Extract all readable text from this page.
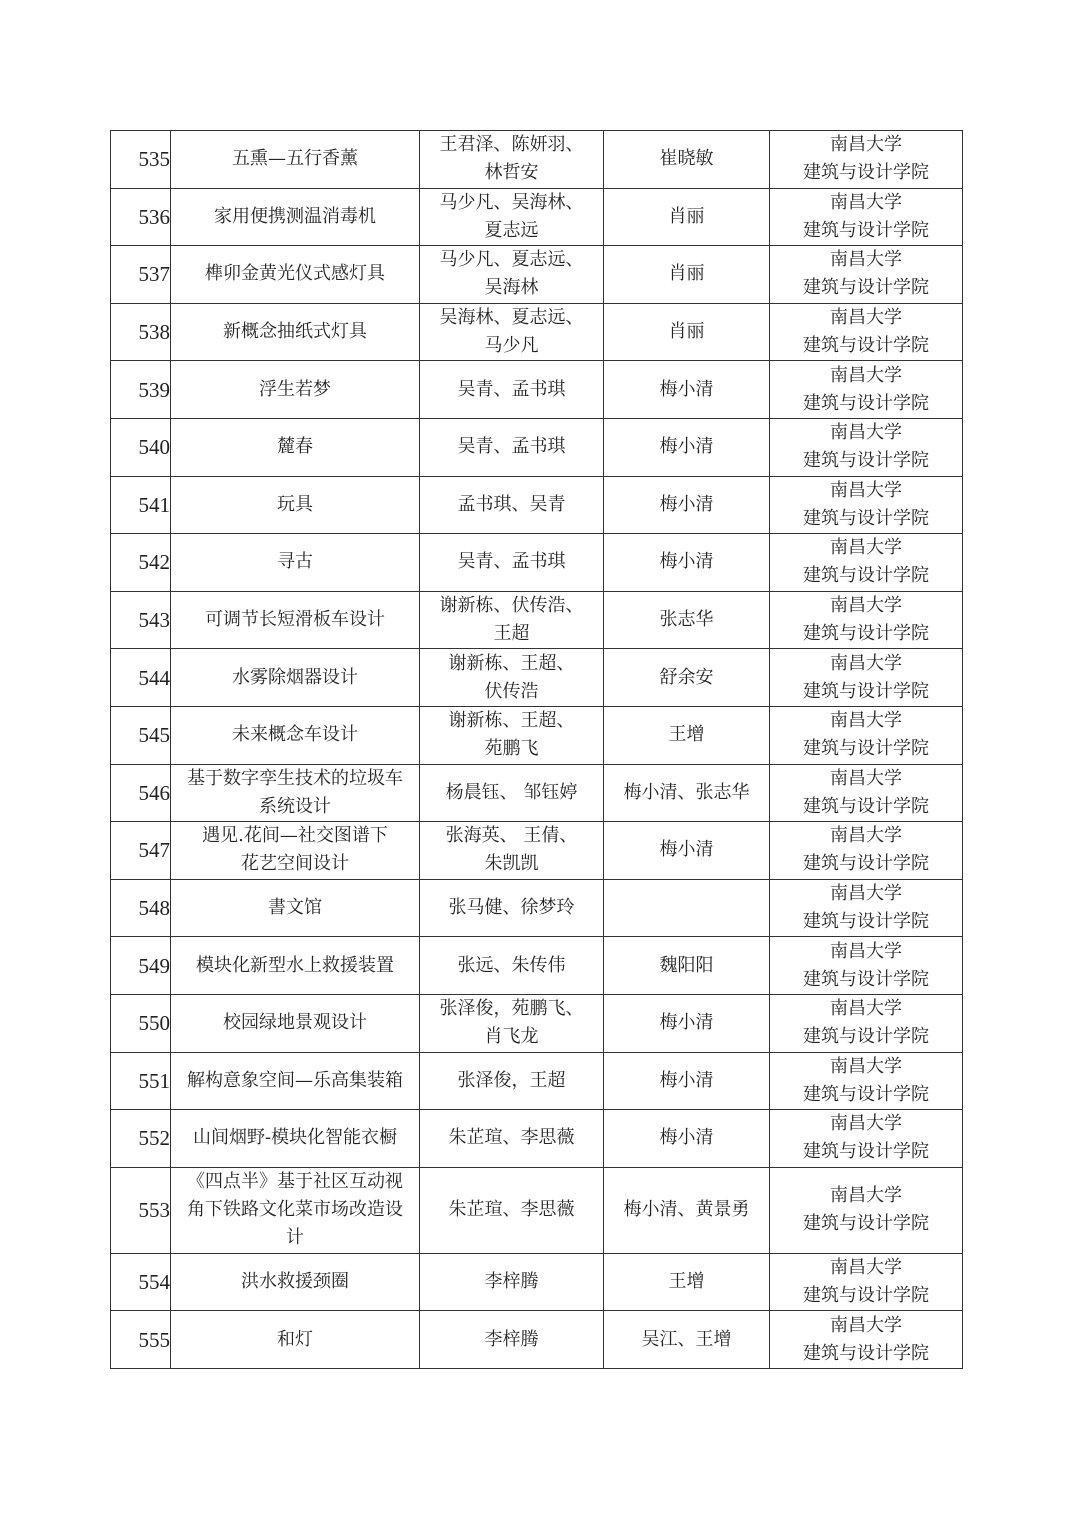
535	五熏—五行香薰	王君泽、陈妍羽、
林哲安	崔晓敏	南昌大学
建筑与设计学院
536	家用便携测温消毒机	马少凡、吴海林、
夏志远	肖丽	南昌大学
建筑与设计学院
537	榫卯金黄光仪式感灯具	马少凡、夏志远、
吴海林	肖丽	南昌大学
建筑与设计学院
538	新概念抽纸式灯具	吴海林、夏志远、
马少凡	肖丽	南昌大学
建筑与设计学院
539	浮生若梦	吴青、孟书琪	梅小清	南昌大学
建筑与设计学院
540	麓春	吴青、孟书琪	梅小清	南昌大学
建筑与设计学院
541	玩具	孟书琪、吴青	梅小清	南昌大学
建筑与设计学院
542	寻古	吴青、孟书琪	梅小清	南昌大学
建筑与设计学院
543	可调节长短滑板车设计	谢新栋、伏传浩、
王超	张志华	南昌大学
建筑与设计学院
544	水雾除烟器设计	谢新栋、王超、
伏传浩	舒余安	南昌大学
建筑与设计学院
545	未来概念车设计	谢新栋、王超、
苑鹏飞	王增	南昌大学
建筑与设计学院
546	基于数字孪生技术的垃圾车
系统设计	杨晨钰、 邹钰婷	梅小清、张志华	南昌大学
建筑与设计学院
547	遇见.花间—社交图谱下
花艺空间设计	张海英、 王倩、
朱凯凯	梅小清	南昌大学
建筑与设计学院
548	書文馆	张马健、徐梦玲		南昌大学
建筑与设计学院
549	模块化新型水上救援装置	张远、朱传伟	魏阳阳	南昌大学
建筑与设计学院
550	校园绿地景观设计	张泽俊，苑鹏飞、
肖飞龙	梅小清	南昌大学
建筑与设计学院
551	解构意象空间—乐高集装箱	张泽俊，王超	梅小清	南昌大学
建筑与设计学院
552	山间烟野-模块化智能衣橱	朱芷瑄、李思薇	梅小清	南昌大学
建筑与设计学院
553	《四点半》基于社区互动视
角下铁路文化菜市场改造设
计	朱芷瑄、李思薇	梅小清、黄景勇	南昌大学
建筑与设计学院
554	洪水救援颈圈	李梓腾	王增	南昌大学
建筑与设计学院
555	和灯	李梓腾	吴江、王增	南昌大学
建筑与设计学院
